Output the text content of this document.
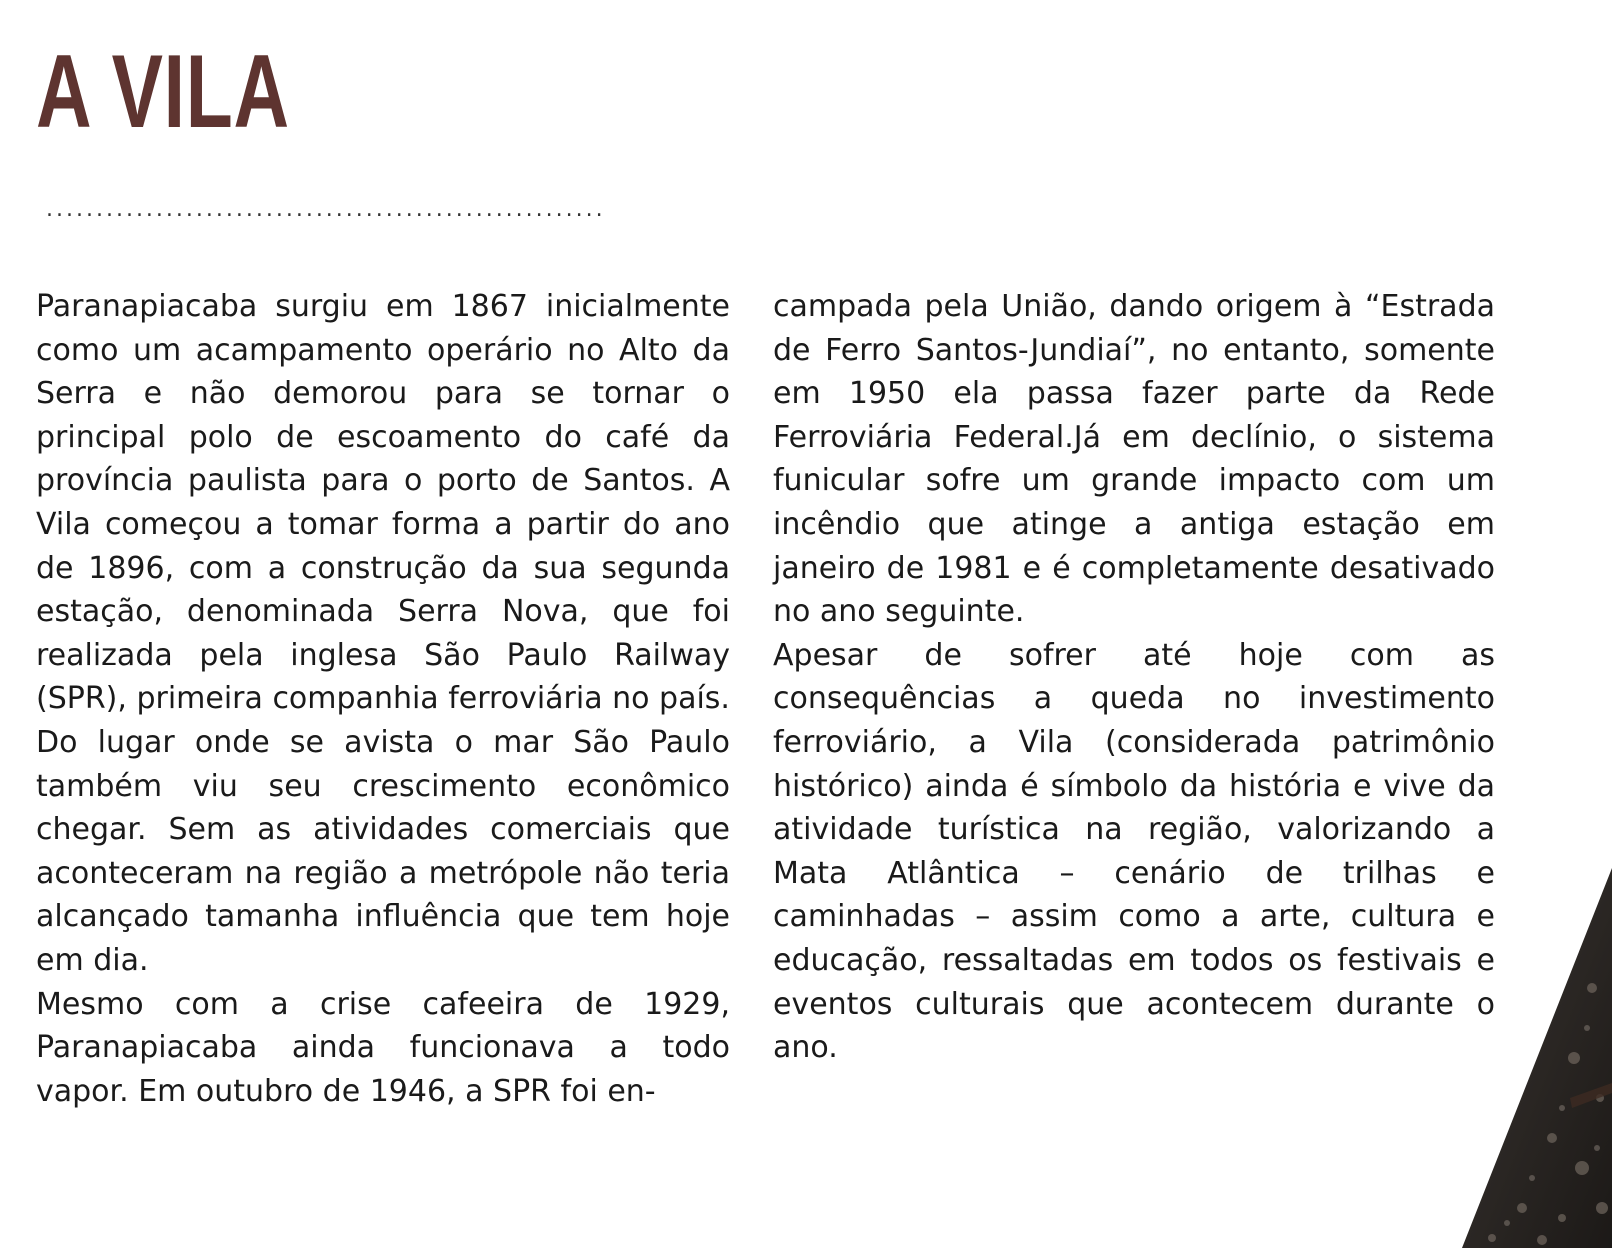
A VILA
........................................................

Paranapiacaba surgiu em 1867 inicialmente como um acampamento operário no Alto da Serra e não demorou para se tornar o principal polo de escoamento do café da província paulista para o porto de Santos. A Vila começou a tomar forma a partir do ano de 1896, com a construção da sua segunda estação, denominada Serra Nova, que foi realizada pela inglesa São Paulo Railway (SPR), primeira companhia ferroviária no país.

Do lugar onde se avista o mar São Paulo também viu seu crescimento econômico chegar. Sem as atividades comerciais que aconteceram na região a metrópole não teria alcançado tamanha influência que tem hoje em dia.

Mesmo com a crise cafeeira de 1929, Paranapiacaba ainda funcionava a todo vapor. Em outubro de 1946, a SPR foi en-

campada pela União, dando origem à “Estrada de Ferro Santos-Jundiaí”, no entanto, somente em 1950 ela passa fazer parte da Rede Ferroviária Federal.Já em declínio, o sistema funicular sofre um grande impacto com um incêndio que atinge a antiga estação em janeiro de 1981 e é completamente desativado no ano seguinte.

Apesar de sofrer até hoje com as consequências a queda no investimento ferroviário, a Vila (considerada patrimônio histórico) ainda é símbolo da história e vive da atividade turística na região, valorizando a Mata Atlântica – cenário de trilhas e caminhadas – assim como a arte, cultura e educação, ressaltadas em todos os festivais e eventos culturais que acontecem durante o ano.
